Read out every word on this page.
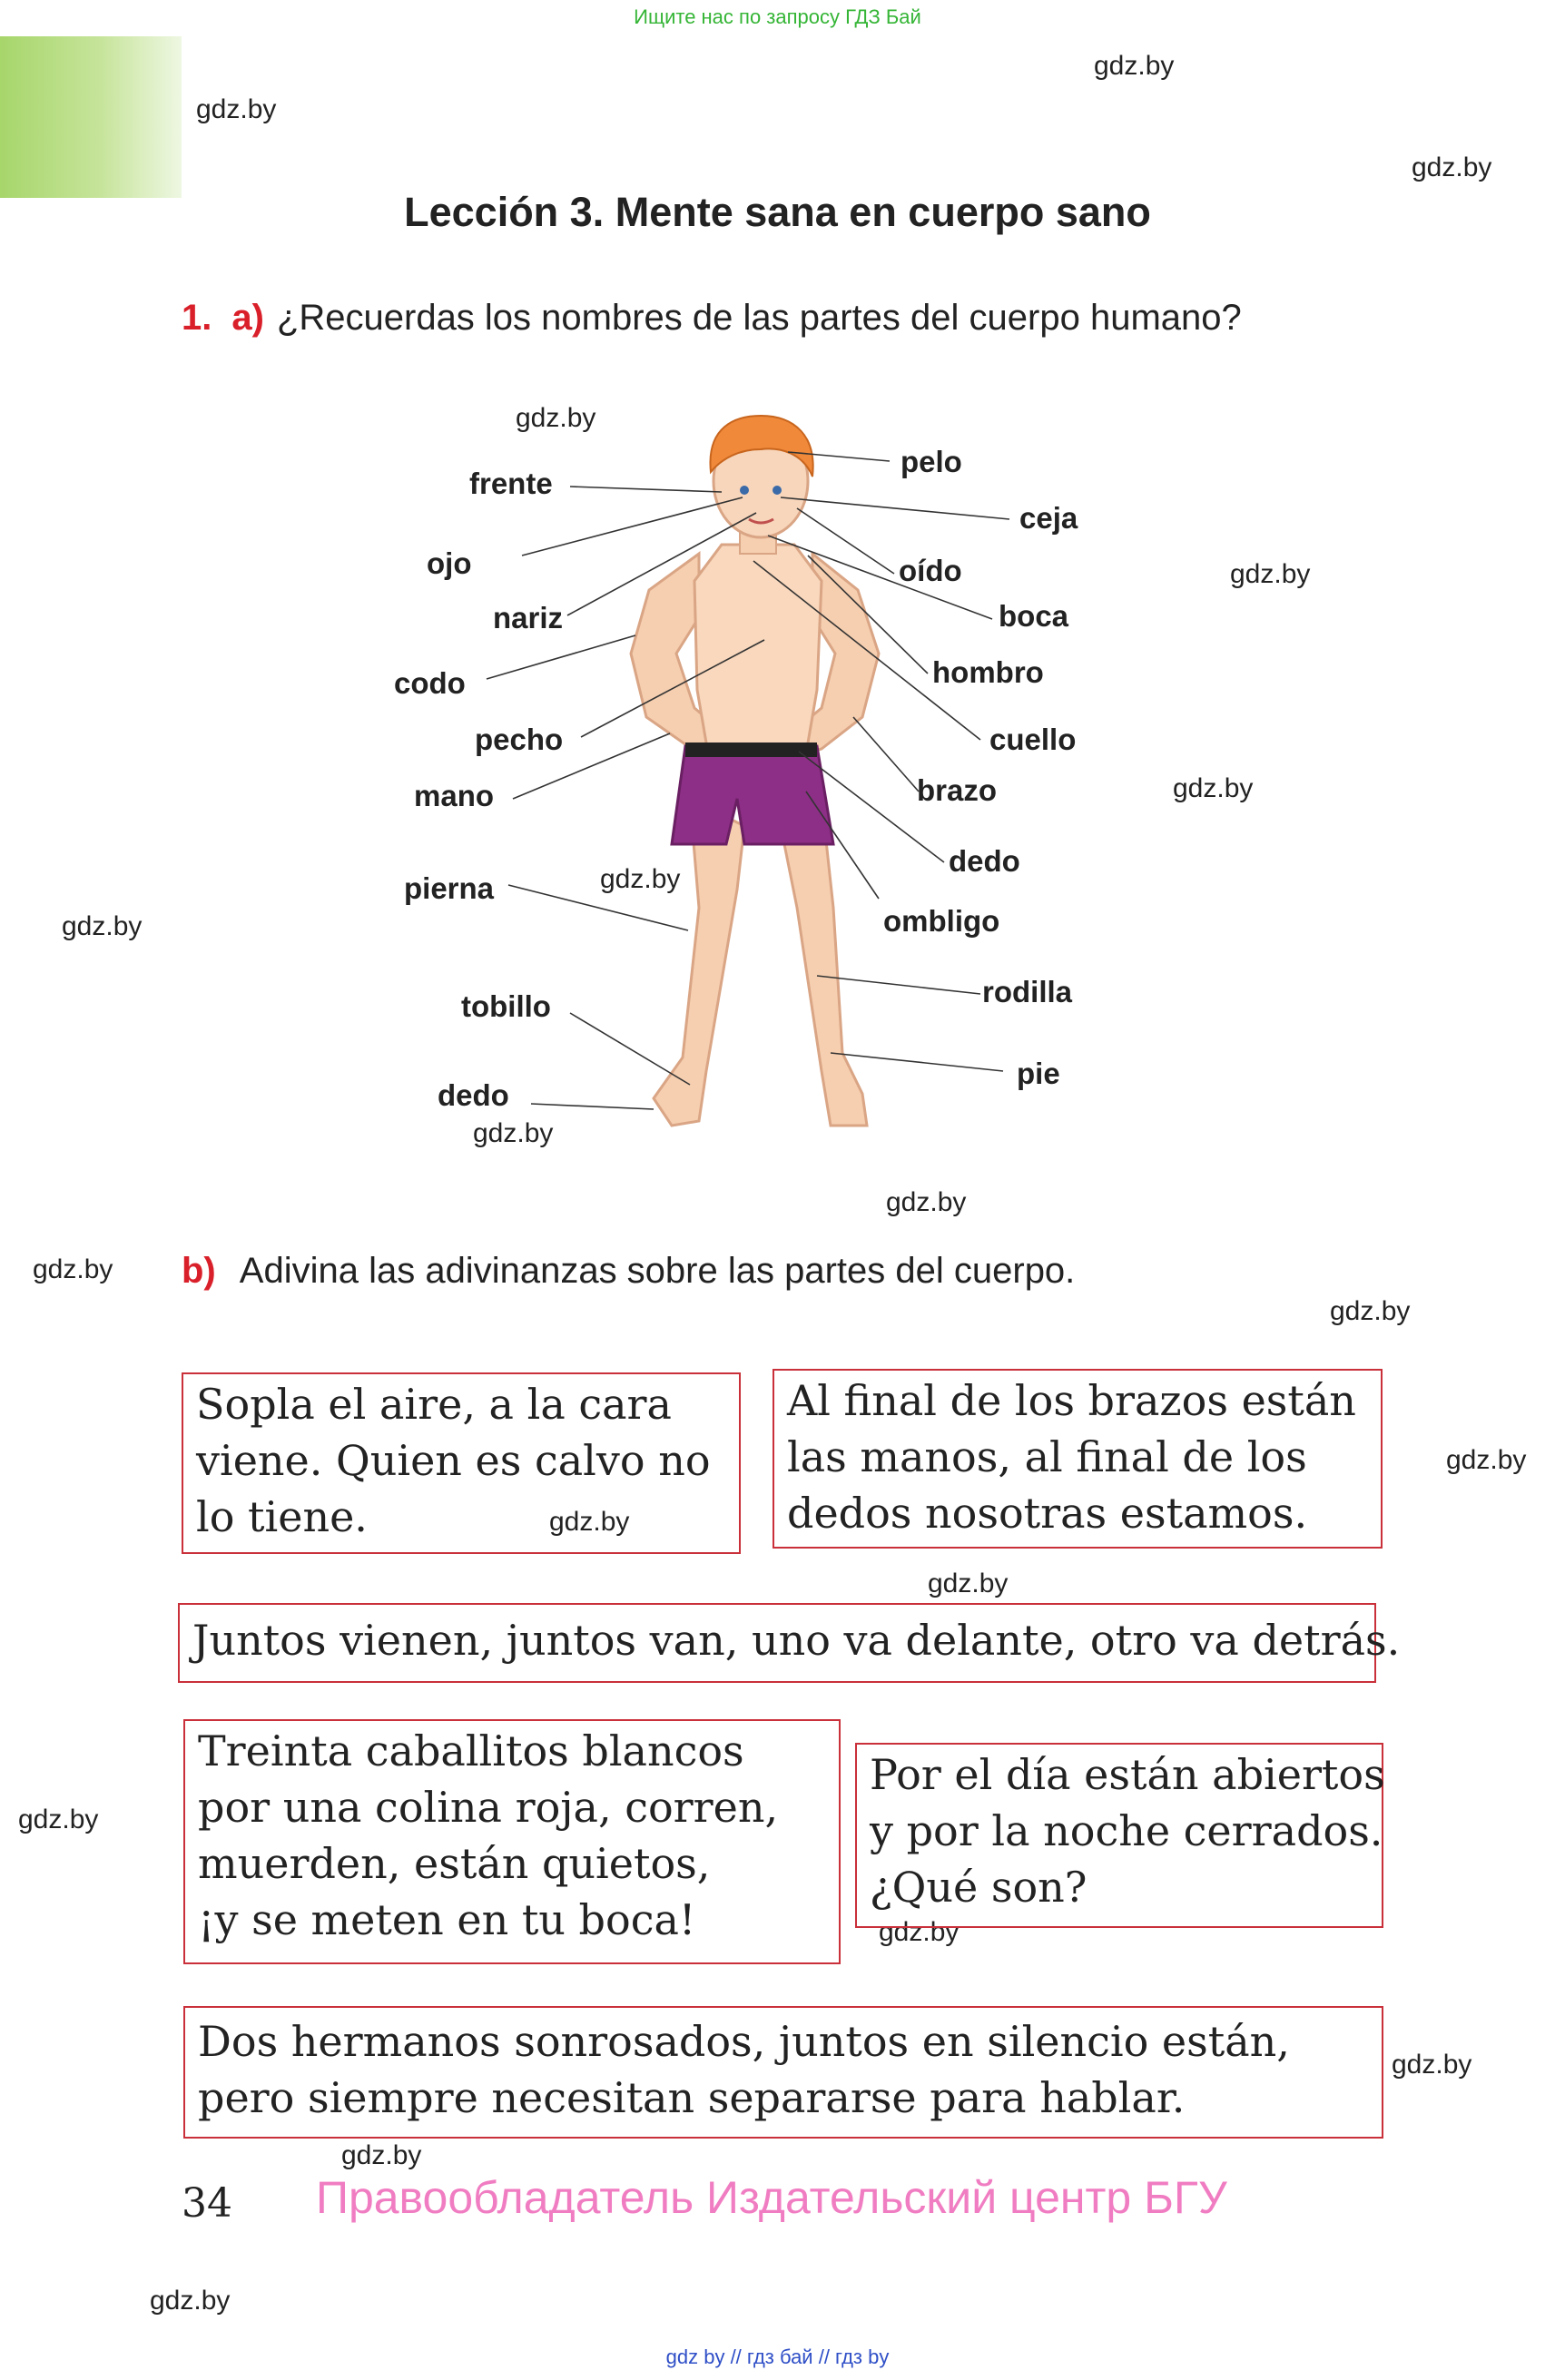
Ищите нас по запросу ГДЗ Бай
gdz.by
gdz.by
gdz.by
gdz.by
gdz.by
gdz.by
gdz.by
gdz.by
gdz.by
gdz.by
gdz.by
gdz.by
gdz.by
gdz.by
gdz.by
gdz.by
gdz.by
gdz.by
gdz.by
gdz.by
Lección 3. Mente sana en cuerpo sano
1. a) ¿Recuerdas los nombres de las partes del cuerpo humano?
frente
ojo
nariz
codo
pecho
mano
pierna
tobillo
dedo
pelo
ceja
oído
boca
hombro
cuello
brazo
dedo
ombligo
rodilla
pie
b) Adivina las adivinanzas sobre las partes del cuerpo.
Sopla el aire, a la cara
viene. Quien es calvo no
lo tiene.
Al final de los brazos están
las manos, al final de los
dedos nosotras estamos.
Juntos vienen, juntos van, uno va delante, otro va detrás.
Treinta caballitos blancos
por una colina roja, corren,
muerden, están quietos,
¡y se meten en tu boca!
Por el día están abiertos
y por la noche cerrados.
¿Qué son?
Dos hermanos sonrosados, juntos en silencio están,
pero siempre necesitan separarse para hablar.
34 Правообладатель Издательский центр БГУ
gdz by // гдз бай // гдз by
